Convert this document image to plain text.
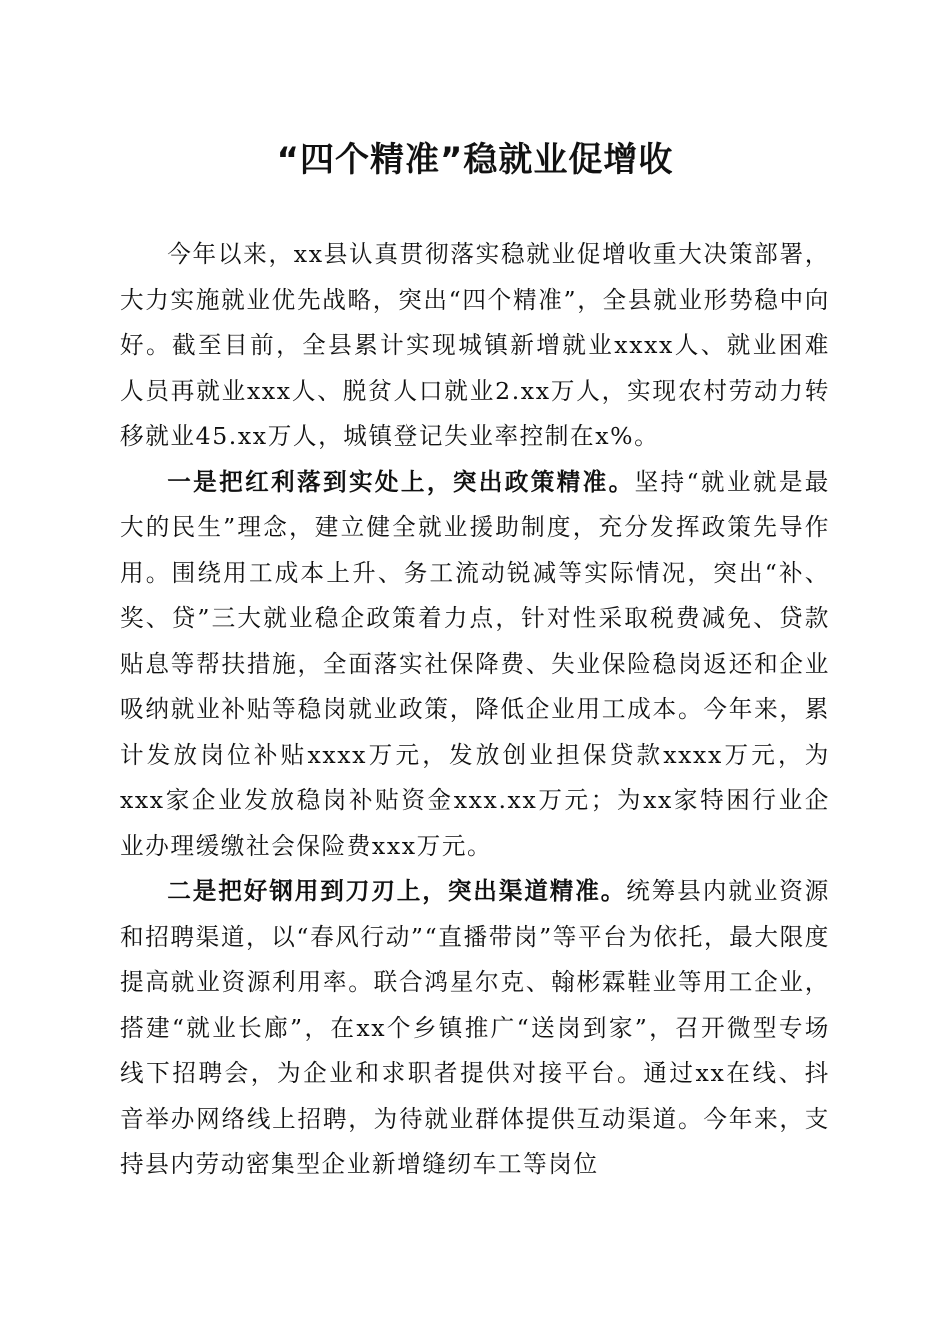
“四个精准”稳就业促增收

今年以来，xx县认真贯彻落实稳就业促增收重大决策部署，大力实施就业优先战略，突出“四个精准”，全县就业形势稳中向好。截至目前，全县累计实现城镇新增就业xxxx人、就业困难人员再就业xxx人、脱贫人口就业2.xx万人，实现农村劳动力转移就业45.xx万人，城镇登记失业率控制在x%。

一是把红利落到实处上，突出政策精准。坚持“就业就是最大的民生”理念，建立健全就业援助制度，充分发挥政策先导作用。围绕用工成本上升、务工流动锐减等实际情况，突出“补、奖、贷”三大就业稳企政策着力点，针对性采取税费减免、贷款贴息等帮扶措施，全面落实社保降费、失业保险稳岗返还和企业吸纳就业补贴等稳岗就业政策，降低企业用工成本。今年来，累计发放岗位补贴xxxx万元，发放创业担保贷款xxxx万元，为xxx家企业发放稳岗补贴资金xxx.xx万元；为xx家特困行业企业办理缓缴社会保险费xxx万元。

二是把好钢用到刀刃上，突出渠道精准。统筹县内就业资源和招聘渠道，以“春风行动”“直播带岗”等平台为依托，最大限度提高就业资源利用率。联合鸿星尔克、翰彬霖鞋业等用工企业，搭建“就业长廊”，在xx个乡镇推广“送岗到家”，召开微型专场线下招聘会，为企业和求职者提供对接平台。通过xx在线、抖音举办网络线上招聘，为待就业群体提供互动渠道。今年来，支持县内劳动密集型企业新增缝纫车工等岗位
